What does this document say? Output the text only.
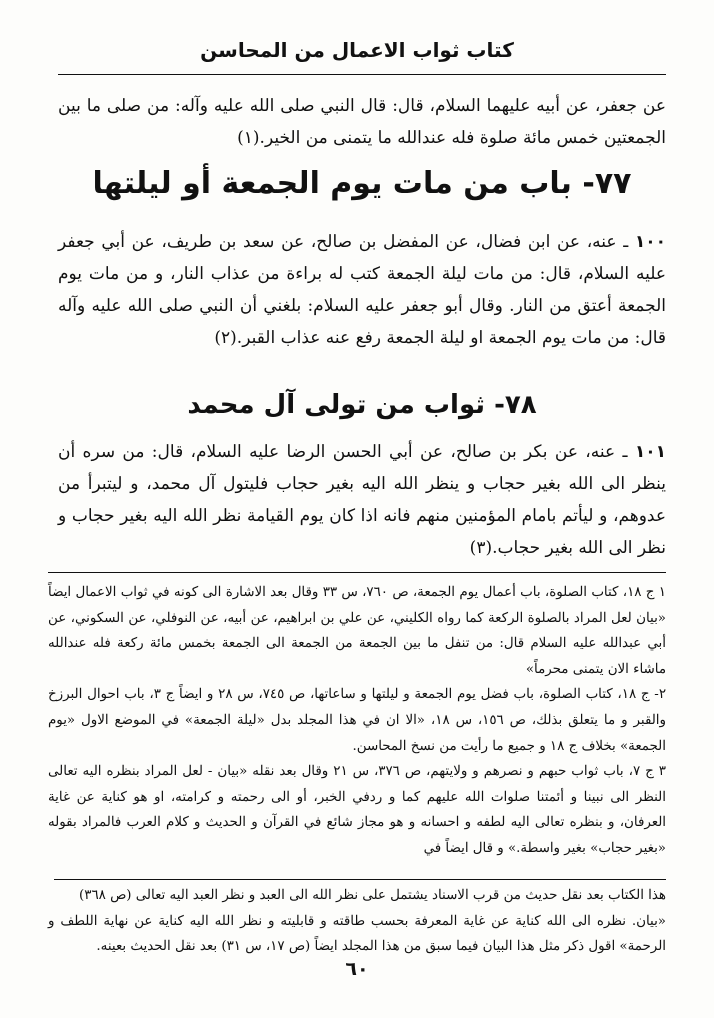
كتاب ثواب الاعمال من المحاسن

عن جعفر، عن أبيه عليهما السلام، قال: قال النبي صلى الله عليه وآله: من صلى ما بين الجمعتين خمس مائة صلوة فله عندالله ما يتمنى من الخير.(١)

٧٧- باب من مات يوم الجمعة أو ليلتها

١٠٠ ـ عنه، عن ابن فضال، عن المفضل بن صالح، عن سعد بن طريف، عن أبي جعفر عليه السلام، قال: من مات ليلة الجمعة كتب له براءة من عذاب النار، و من مات يوم الجمعة أعتق من النار. وقال أبو جعفر عليه السلام: بلغني أن النبي صلى الله عليه وآله قال: من مات يوم الجمعة او ليلة الجمعة رفع عنه عذاب القبر.(٢)

٧٨- ثواب من تولى آل محمد

١٠١ ـ عنه، عن بكر بن صالح، عن أبي الحسن الرضا عليه السلام، قال: من سره أن ينظر الى الله بغير حجاب و ينظر الله اليه بغير حجاب فليتول آل محمد، و ليتبرأ من عدوهم، و ليأتم بامام المؤمنين منهم فانه اذا كان يوم القيامة نظر الله اليه بغير حجاب و نظر الى الله بغير حجاب.(٣)

١ ج ١٨، كتاب الصلوة، باب أعمال يوم الجمعة، ص ٧٦٠، س ٣٣ وقال بعد الاشارة الى كونه في ثواب الاعمال ايضاً «بيان لعل المراد بالصلوة الركعة كما رواه الكليني، عن علي بن ابراهيم، عن أبيه، عن النوفلي، عن السكوني، عن أبي عبدالله عليه السلام قال: من تنفل ما بين الجمعة من الجمعة الى الجمعة بخمس مائة ركعة فله عندالله ماشاء الان يتمنى محرماً»

٢- ج ١٨، كتاب الصلوة، باب فضل يوم الجمعة و ليلتها و ساعاتها، ص ٧٤٥، س ٢٨ و ايضاً ج ٣، باب احوال البرزخ والقبر و ما يتعلق بذلك، ص ١٥٦، س ١٨، «الا ان في هذا المجلد بدل «ليلة الجمعة» في الموضع الاول «يوم الجمعة» بخلاف ج ١٨ و جميع ما رأيت من نسخ المحاسن.

٣ ج ٧، باب ثواب حبهم و نصرهم و ولايتهم، ص ٣٧٦، س ٢١ وقال بعد نقله «بيان - لعل المراد بنظره اليه تعالى النظر الى نبينا و أئمتنا صلوات الله عليهم كما و ردفي الخبر، أو الى رحمته و كرامته، او هو كناية عن غاية العرفان، و بنظره تعالى اليه لطفه و احسانه و هو مجاز شائع في القرآن و الحديث و كلام العرب فالمراد بقوله «بغير حجاب» بغير واسطة.» و قال ايضاً في

هذا الكتاب بعد نقل حديث من قرب الاسناد يشتمل على نظر الله الى العبد و نظر العبد اليه تعالى (ص ٣٦٨)

«بيان. نظره الى الله كناية عن غاية المعرفة بحسب طاقته و قابليته و نظر الله اليه كناية عن نهاية اللطف و الرحمة» اقول ذكر مثل هذا البيان فيما سبق من هذا المجلد ايضاً (ص ١٧، س ٣١) بعد نقل الحديث بعينه.

٦٠
